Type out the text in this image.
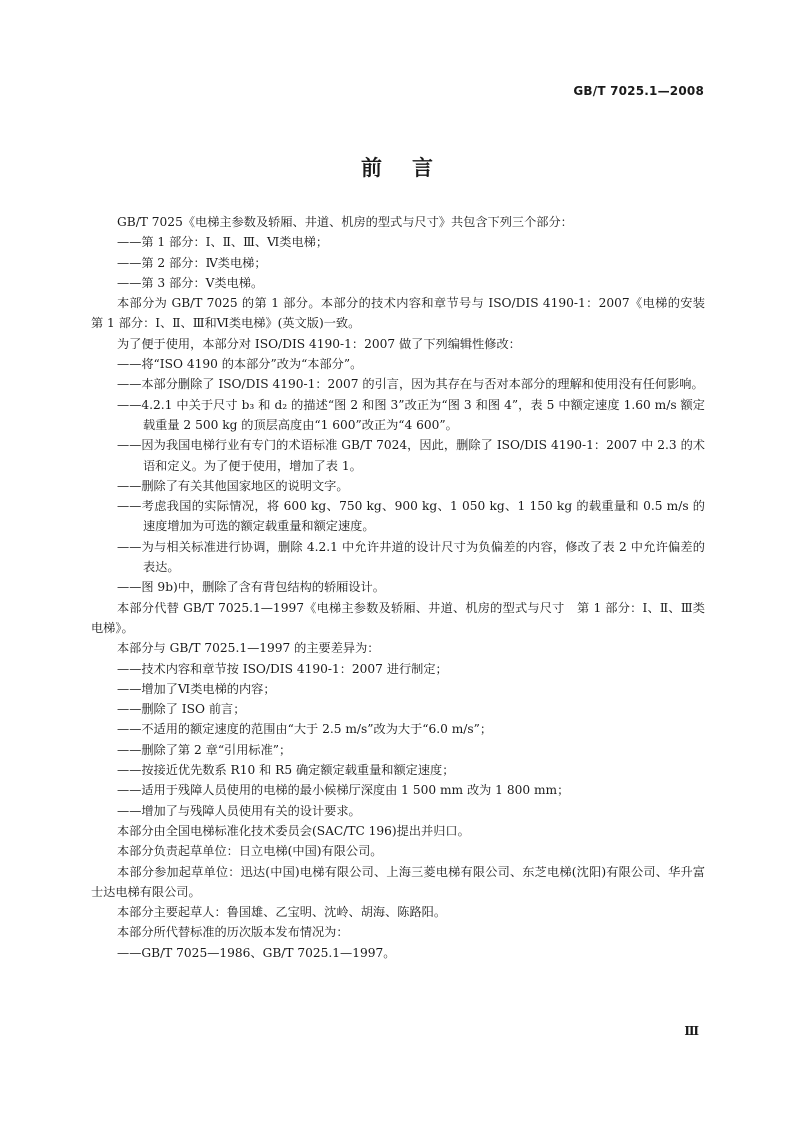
GB/T 7025.1—2008
前言

GB/T 7025《电梯主参数及轿厢、井道、机房的型式与尺寸》共包含下列三个部分：

——第 1 部分：Ⅰ、Ⅱ、Ⅲ、Ⅵ类电梯；

——第 2 部分：Ⅳ类电梯；

——第 3 部分：Ⅴ类电梯。

本部分为 GB/T 7025 的第 1 部分。本部分的技术内容和章节号与 ISO/DIS 4190-1：2007《电梯的安装　第 1 部分：Ⅰ、Ⅱ、Ⅲ和Ⅵ类电梯》(英文版)一致。

为了便于使用，本部分对 ISO/DIS 4190-1：2007 做了下列编辑性修改：

——将“ISO 4190 的本部分”改为“本部分”。

——本部分删除了 ISO/DIS 4190-1：2007 的引言，因为其存在与否对本部分的理解和使用没有任何影响。

——4.2.1 中关于尺寸 b₃ 和 d₂ 的描述“图 2 和图 3”改正为“图 3 和图 4”，表 5 中额定速度 1.60 m/s 额定载重量 2 500 kg 的顶层高度由“1 600”改正为“4 600”。

——因为我国电梯行业有专门的术语标准 GB/T 7024，因此，删除了 ISO/DIS 4190-1：2007 中 2.3 的术语和定义。为了便于使用，增加了表 1。

——删除了有关其他国家地区的说明文字。

——考虑我国的实际情况，将 600 kg、750 kg、900 kg、1 050 kg、1 150 kg 的载重量和 0.5 m/s 的速度增加为可选的额定载重量和额定速度。

——为与相关标准进行协调，删除 4.2.1 中允许井道的设计尺寸为负偏差的内容，修改了表 2 中允许偏差的表达。

——图 9b)中，删除了含有背包结构的轿厢设计。

本部分代替 GB/T 7025.1—1997《电梯主参数及轿厢、井道、机房的型式与尺寸　第 1 部分：Ⅰ、Ⅱ、Ⅲ类电梯》。

本部分与 GB/T 7025.1—1997 的主要差异为：

——技术内容和章节按 ISO/DIS 4190-1：2007 进行制定；

——增加了Ⅵ类电梯的内容；

——删除了 ISO 前言；

——不适用的额定速度的范围由“大于 2.5 m/s”改为大于“6.0 m/s”；

——删除了第 2 章“引用标准”；

——按接近优先数系 R10 和 R5 确定额定载重量和额定速度；

——适用于残障人员使用的电梯的最小候梯厅深度由 1 500 mm 改为 1 800 mm；

——增加了与残障人员使用有关的设计要求。

本部分由全国电梯标准化技术委员会(SAC/TC 196)提出并归口。

本部分负责起草单位：日立电梯(中国)有限公司。

本部分参加起草单位：迅达(中国)电梯有限公司、上海三菱电梯有限公司、东芝电梯(沈阳)有限公司、华升富士达电梯有限公司。

本部分主要起草人：鲁国雄、乙宝明、沈岭、胡海、陈路阳。

本部分所代替标准的历次版本发布情况为：

——GB/T 7025—1986、GB/T 7025.1—1997。

Ⅲ
